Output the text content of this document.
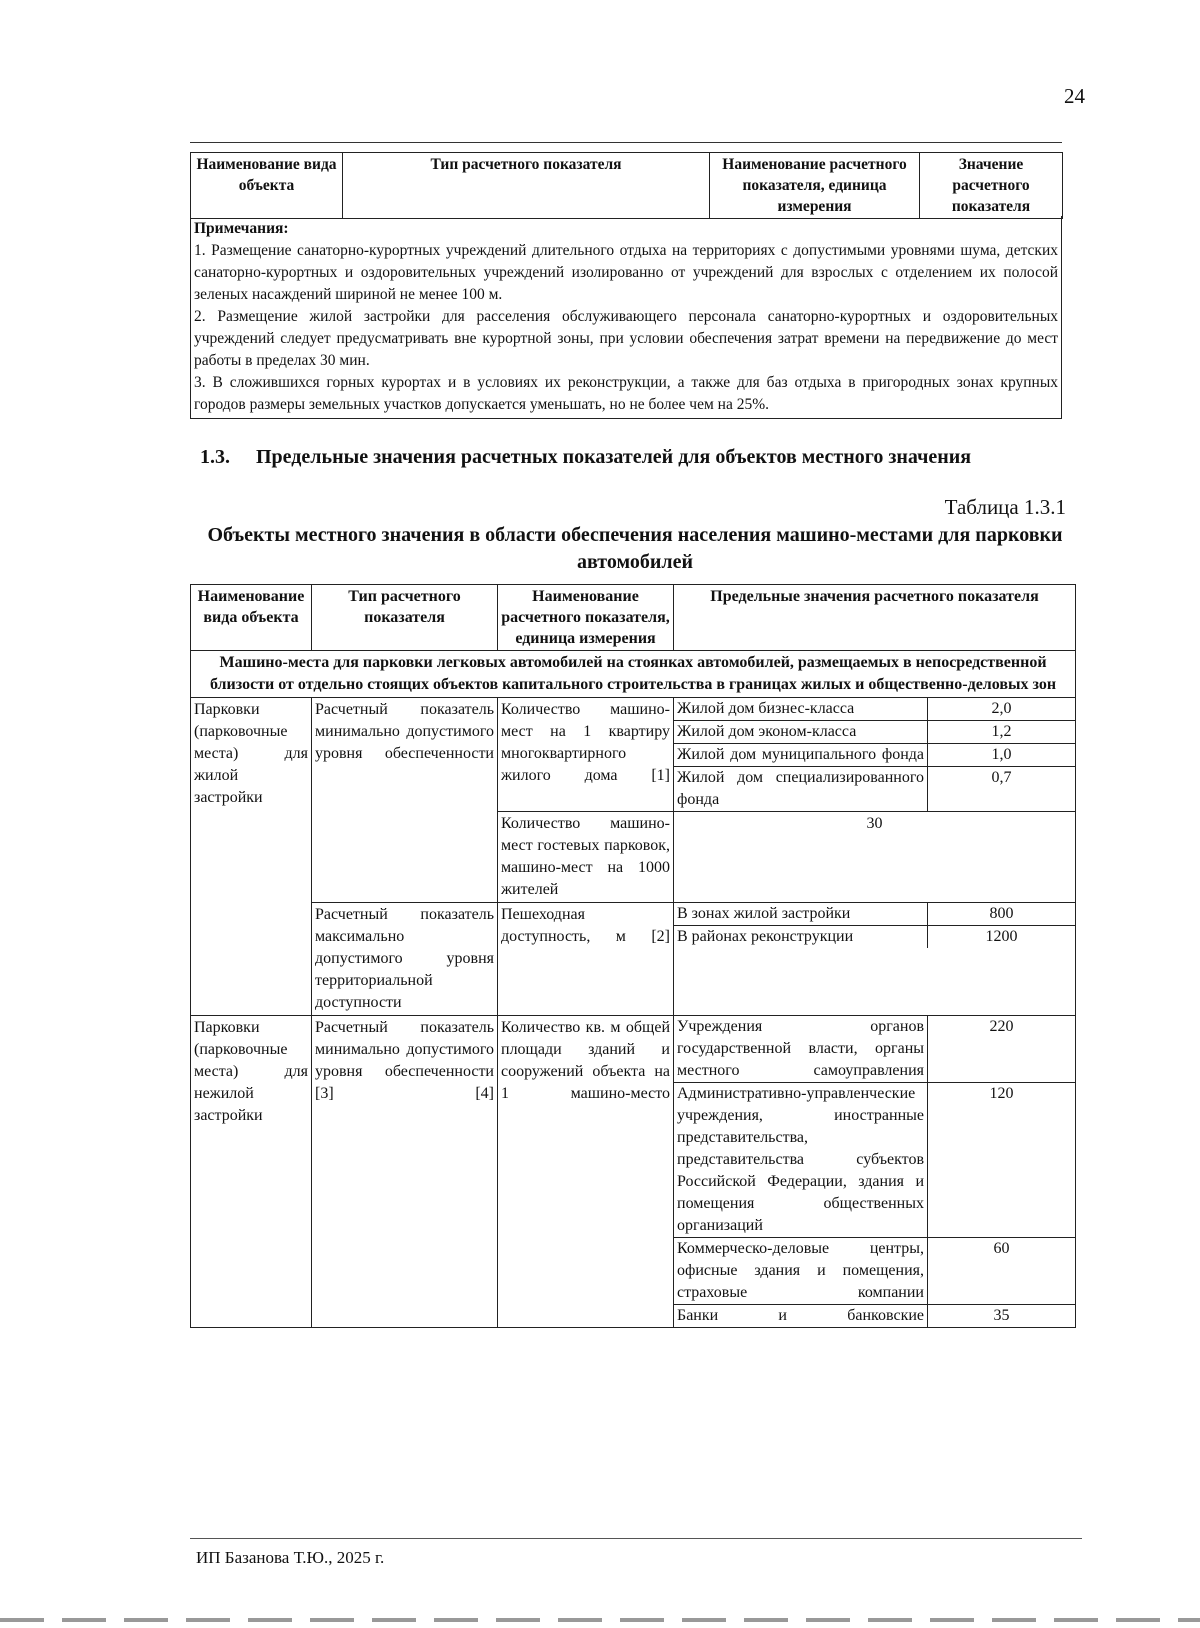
24
Наименование вида объекта	Тип расчетного показателя	Наименование расчетного показателя, единица измерения	Значение расчетного показателя
Примечания:
1. Размещение санаторно-курортных учреждений длительного отдыха на территориях с допустимыми уровнями шума, детских санаторно-курортных и оздоровительных учреждений изолированно от учреждений для взрослых с отделением их полосой зеленых насаждений шириной не менее 100 м.
2. Размещение жилой застройки для расселения обслуживающего персонала санаторно-курортных и оздоровительных учреждений следует предусматривать вне курортной зоны, при условии обеспечения затрат времени на передвижение до мест работы в пределах 30 мин.
3. В сложившихся горных курортах и в условиях их реконструкции, а также для баз отдыха в пригородных зонах крупных городов размеры земельных участков допускается уменьшать, но не более чем на 25%.
1.3. Предельные значения расчетных показателей для объектов местного значения
Таблица 1.3.1
Объекты местного значения в области обеспечения населения машино-местами для парковки автомобилей
Наименование вида объекта	Тип расчетного показателя	Наименование расчетного показателя, единица измерения	Предельные значения расчетного показателя
Машино-места для парковки легковых автомобилей на стоянках автомобилей, размещаемых в непосредственной близости от отдельно стоящих объектов капитального строительства в границах жилых и общественно-деловых зон
Парковки (парковочные места) для жилой застройки	Расчетный показатель минимально допустимого уровня обеспеченности	Количество машино-мест на 1 квартиру многоквартирного жилого дома [1]	
Жилой дом бизнес-класса	2,0
Жилой дом эконом-класса	1,2
Жилой дом муниципального фонда	1,0
Жилой дом специализированного фонда	0,7

Количество машино-мест гостевых парковок, машино-мест на 1000 жителей	30
Расчетный показатель максимально допустимого уровня территориальной доступности	Пешеходная доступность, м [2]	
В зонах жилой застройки	800
В районах реконструкции	1200

Парковки (парковочные места) для нежилой застройки	Расчетный показатель минимально допустимого уровня обеспеченности [3] [4]	Количество кв. м общей площади зданий и сооружений объекта на 1 машино-место	
Учреждения органов государственной власти, органы местного самоуправления	220
Административно-управленческие учреждения, иностранные представительства, представительства субъектов Российской Федерации, здания и помещения общественных организаций	120
Коммерческо-деловые центры, офисные здания и помещения, страховые компании	60
Банки и банковские	35
ИП Базанова Т.Ю., 2025 г.
